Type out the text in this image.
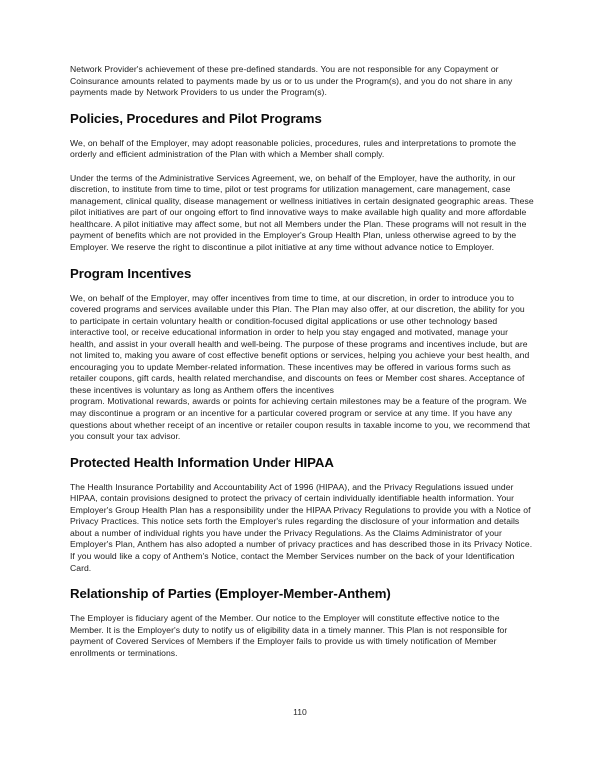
Network Provider's achievement of these pre-defined standards. You are not responsible for any Copayment or Coinsurance amounts related to payments made by us or to us under the Program(s), and you do not share in any payments made by Network Providers to us under the Program(s).

Policies, Procedures and Pilot Programs

We, on behalf of the Employer, may adopt reasonable policies, procedures, rules and interpretations to promote the orderly and efficient administration of the Plan with which a Member shall comply.

Under the terms of the Administrative Services Agreement, we, on behalf of the Employer, have the authority, in our discretion, to institute from time to time, pilot or test programs for utilization management, care management, case management, clinical quality, disease management or wellness initiatives in certain designated geographic areas. These pilot initiatives are part of our ongoing effort to find innovative ways to make available high quality and more affordable healthcare. A pilot initiative may affect some, but not all Members under the Plan. These programs will not result in the payment of benefits which are not provided in the Employer's Group Health Plan, unless otherwise agreed to by the Employer. We reserve the right to discontinue a pilot initiative at any time without advance notice to Employer.

Program Incentives

We, on behalf of the Employer, may offer incentives from time to time, at our discretion, in order to introduce you to covered programs and services available under this Plan. The Plan may also offer, at our discretion, the ability for you to participate in certain voluntary health or condition-focused digital applications or use other technology based interactive tool, or receive educational information in order to help you stay engaged and motivated, manage your health, and assist in your overall health and well-being. The purpose of these programs and incentives include, but are not limited to, making you aware of cost effective benefit options or services, helping you achieve your best health, and encouraging you to update Member-related information. These incentives may be offered in various forms such as retailer coupons, gift cards, health related merchandise, and discounts on fees or Member cost shares. Acceptance of these incentives is voluntary as long as Anthem offers the incentives

program. Motivational rewards, awards or points for achieving certain milestones may be a feature of the program. We may discontinue a program or an incentive for a particular covered program or service at any time. If you have any questions about whether receipt of an incentive or retailer coupon results in taxable income to you, we recommend that you consult your tax advisor.

Protected Health Information Under HIPAA

The Health Insurance Portability and Accountability Act of 1996 (HIPAA), and the Privacy Regulations issued under HIPAA, contain provisions designed to protect the privacy of certain individually identifiable health information. Your Employer's Group Health Plan has a responsibility under the HIPAA Privacy Regulations to provide you with a Notice of Privacy Practices. This notice sets forth the Employer's rules regarding the disclosure of your information and details about a number of individual rights you have under the Privacy Regulations. As the Claims Administrator of your Employer's Plan, Anthem has also adopted a number of privacy practices and has described those in its Privacy Notice. If you would like a copy of Anthem's Notice, contact the Member Services number on the back of your Identification Card.

Relationship of Parties (Employer-Member-Anthem)

The Employer is fiduciary agent of the Member. Our notice to the Employer will constitute effective notice to the Member. It is the Employer's duty to notify us of eligibility data in a timely manner. This Plan is not responsible for payment of Covered Services of Members if the Employer fails to provide us with timely notification of Member enrollments or terminations.

110
